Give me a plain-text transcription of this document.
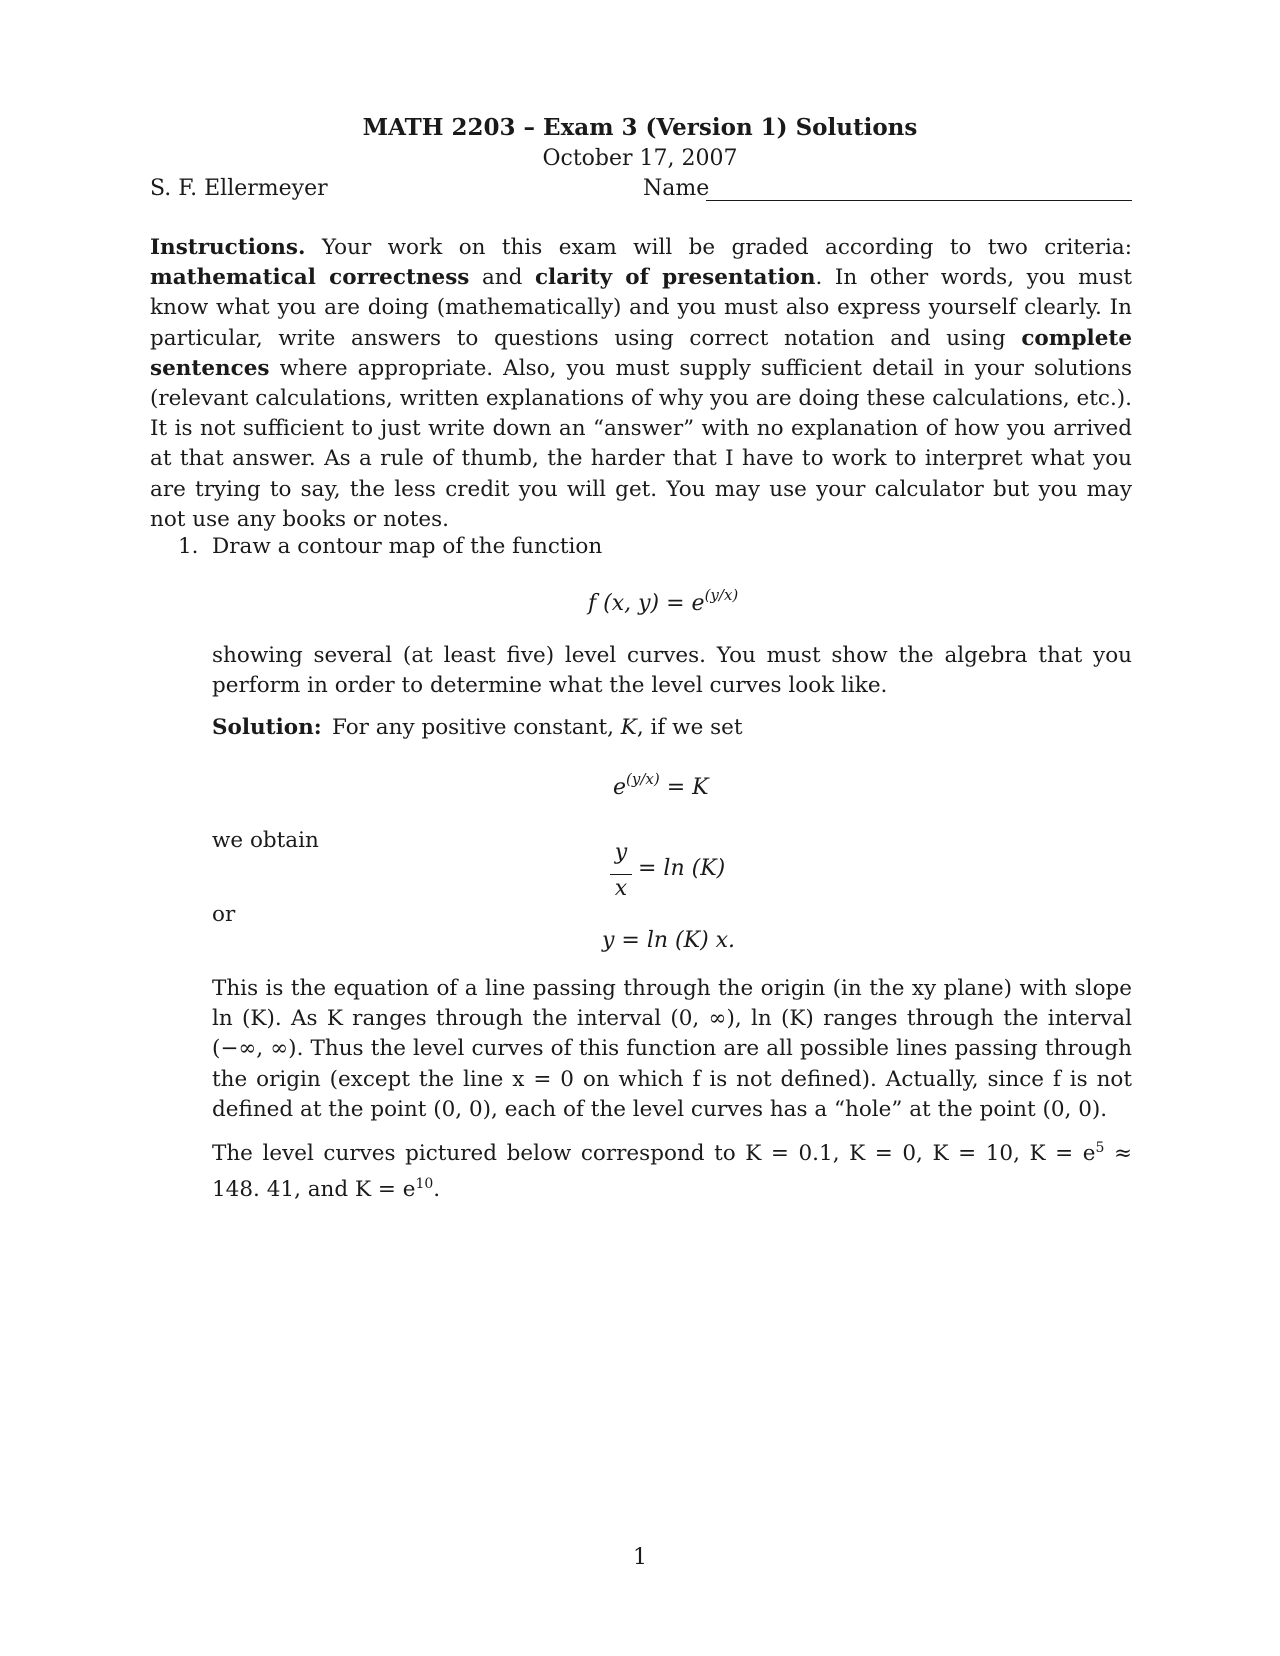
MATH 2203 – Exam 3 (Version 1) Solutions
October 17, 2007
S. F. Ellermeyer	Name
Instructions. Your work on this exam will be graded according to two criteria: mathematical correctness and clarity of presentation. In other words, you must know what you are doing (mathematically) and you must also express yourself clearly. In particular, write answers to questions using correct notation and using complete sentences where appropriate. Also, you must supply sufficient detail in your solutions (relevant calculations, written explanations of why you are doing these calculations, etc.). It is not sufficient to just write down an “answer” with no explanation of how you arrived at that answer. As a rule of thumb, the harder that I have to work to interpret what you are trying to say, the less credit you will get. You may use your calculator but you may not use any books or notes.
1. Draw a contour map of the function
f (x, $y) = e^{(y/x)}$
showing several (at least five) level curves. You must show the algebra that you perform in order to determine what the level curves look like.
Solution: For any positive constant, K, if we set
$e^{(y/x)} = K$
we obtain	y
x
= ln (K)
or
y = ln (K) x.
This is the equation of a line passing through the origin (in the xy plane) with slope ln (K). As K ranges through the interval (0, ∞), ln (K) ranges through the interval (−∞, ∞). Thus the level curves of this function are all possible lines passing through the origin (except the line x = 0 on which f is not defined). Actually, since f is not defined at the point (0, 0), each of the level curves has a “hole” at the point (0, 0).
The level curves pictured below correspond to K = 0.1, K = 0, K = 10, $K = e^5 \approx 148$. 41, and $K = e^{10}$.
1
